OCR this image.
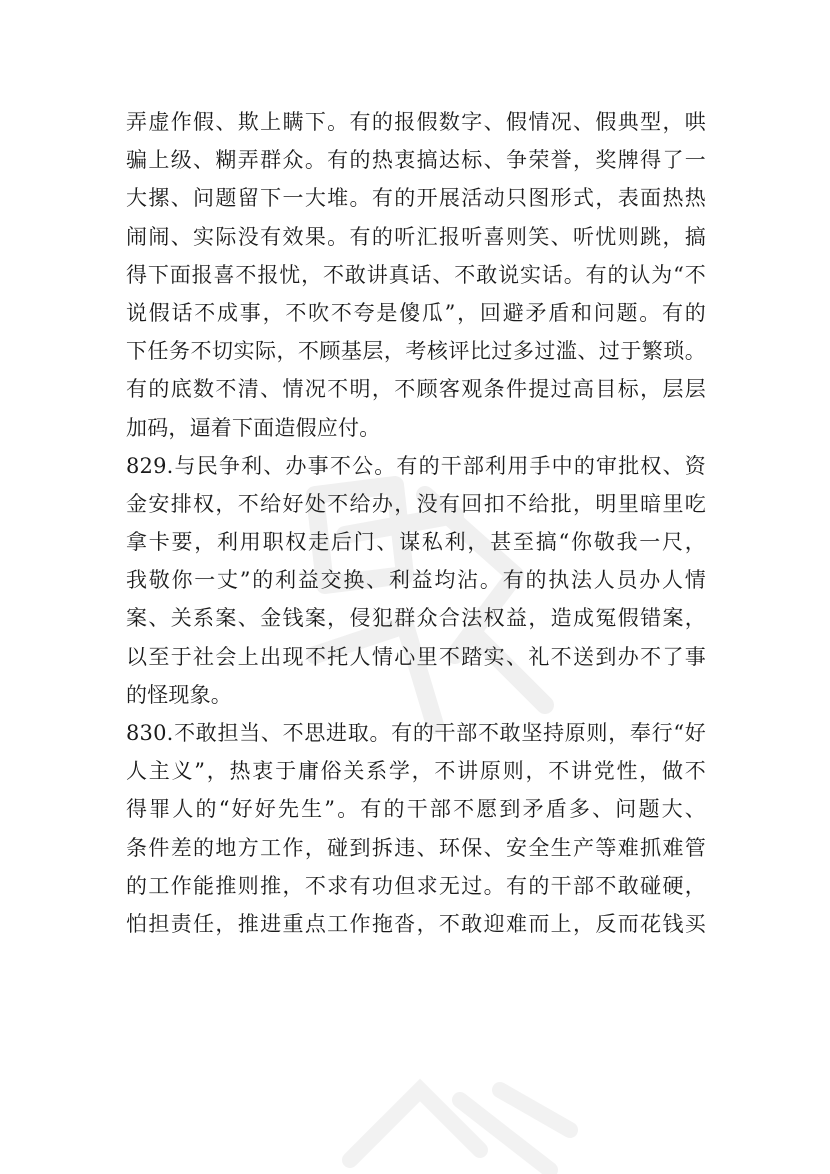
弄虚作假、欺上瞒下。有的报假数字、假情况、假典型，哄
骗上级、糊弄群众。有的热衷搞达标、争荣誉，奖牌得了一
大摞、问题留下一大堆。有的开展活动只图形式，表面热热
闹闹、实际没有效果。有的听汇报听喜则笑、听忧则跳，搞
得下面报喜不报忧，不敢讲真话、不敢说实话。有的认为“不
说假话不成事，不吹不夸是傻瓜”，回避矛盾和问题。有的
下任务不切实际，不顾基层，考核评比过多过滥、过于繁琐。
有的底数不清、情况不明，不顾客观条件提过高目标，层层
加码，逼着下面造假应付。
829.与民争利、办事不公。有的干部利用手中的审批权、资
金安排权，不给好处不给办，没有回扣不给批，明里暗里吃
拿卡要，利用职权走后门、谋私利，甚至搞“你敬我一尺，
我敬你一丈”的利益交换、利益均沾。有的执法人员办人情
案、关系案、金钱案，侵犯群众合法权益，造成冤假错案，
以至于社会上出现不托人情心里不踏实、礼不送到办不了事
的怪现象。
830.不敢担当、不思进取。有的干部不敢坚持原则，奉行“好
人主义”，热衷于庸俗关系学，不讲原则，不讲党性，做不
得罪人的“好好先生”。有的干部不愿到矛盾多、问题大、
条件差的地方工作，碰到拆违、环保、安全生产等难抓难管
的工作能推则推，不求有功但求无过。有的干部不敢碰硬，
怕担责任，推进重点工作拖沓，不敢迎难而上，反而花钱买
